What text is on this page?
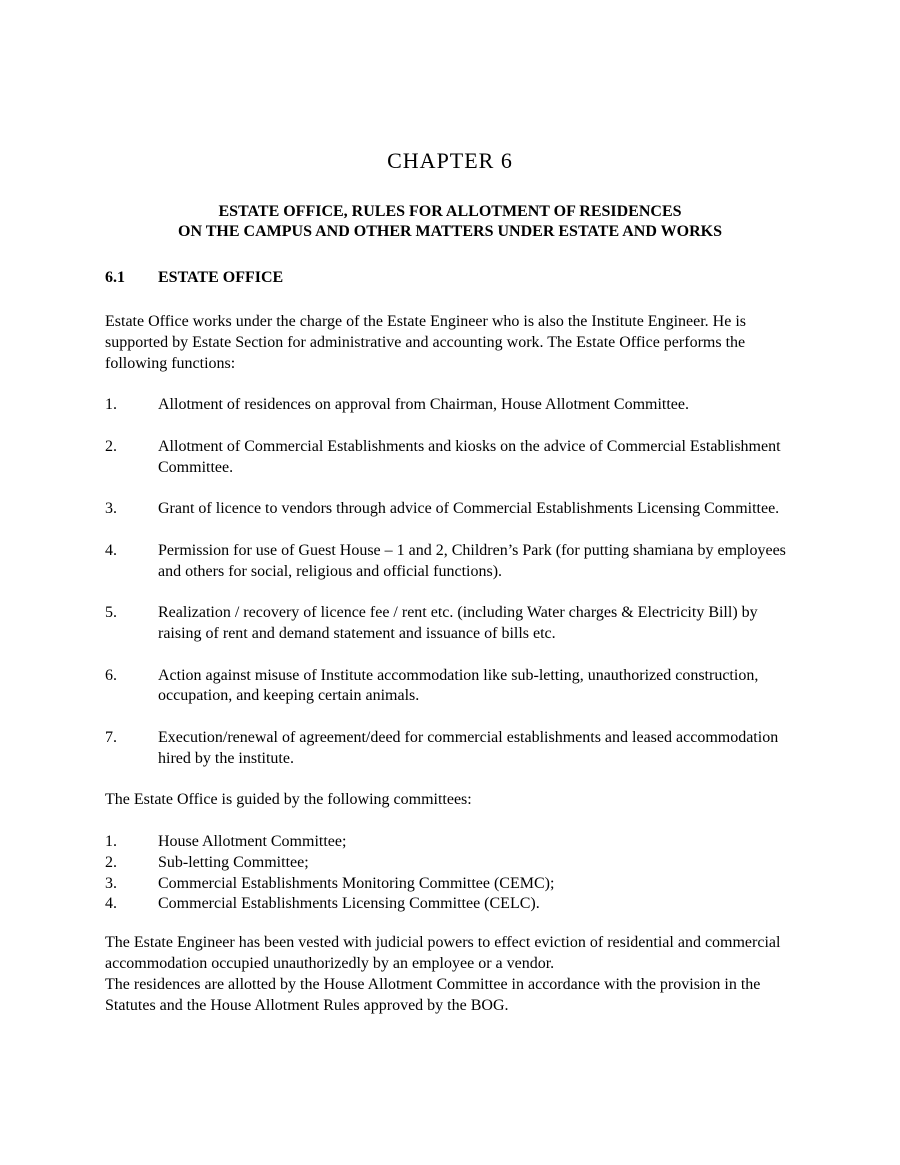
CHAPTER 6
ESTATE OFFICE, RULES FOR ALLOTMENT OF RESIDENCES
ON THE CAMPUS AND OTHER MATTERS UNDER ESTATE AND WORKS
6.1	ESTATE OFFICE

Estate Office works under the charge of the Estate Engineer who is also the Institute Engineer. He is supported by Estate Section for administrative and accounting work. The Estate Office performs the following functions:

1.	Allotment of residences on approval from Chairman, House Allotment Committee.
2.	Allotment of Commercial Establishments and kiosks on the advice of Commercial Establishment Committee.
3.	Grant of licence to vendors through advice of Commercial Establishments Licensing Committee.
4.	Permission for use of Guest House – 1 and 2, Children’s Park (for putting shamiana by employees and others for social, religious and official functions).
5.	Realization / recovery of licence fee / rent etc. (including Water charges & Electricity Bill) by raising of rent and demand statement and issuance of bills etc.
6.	Action against misuse of Institute accommodation like sub-letting, unauthorized construction, occupation, and keeping certain animals.
7.	Execution/renewal of agreement/deed for commercial establishments and leased accommodation hired by the institute.

The Estate Office is guided by the following committees:

1.	House Allotment Committee;
2.	Sub-letting Committee;
3.	Commercial Establishments Monitoring Committee (CEMC);
4.	Commercial Establishments Licensing Committee (CELC).

The Estate Engineer has been vested with judicial powers to effect eviction of residential and commercial accommodation occupied unauthorizedly by an employee or a vendor.

The residences are allotted by the House Allotment Committee in accordance with the provision in the Statutes and the House Allotment Rules approved by the BOG.
